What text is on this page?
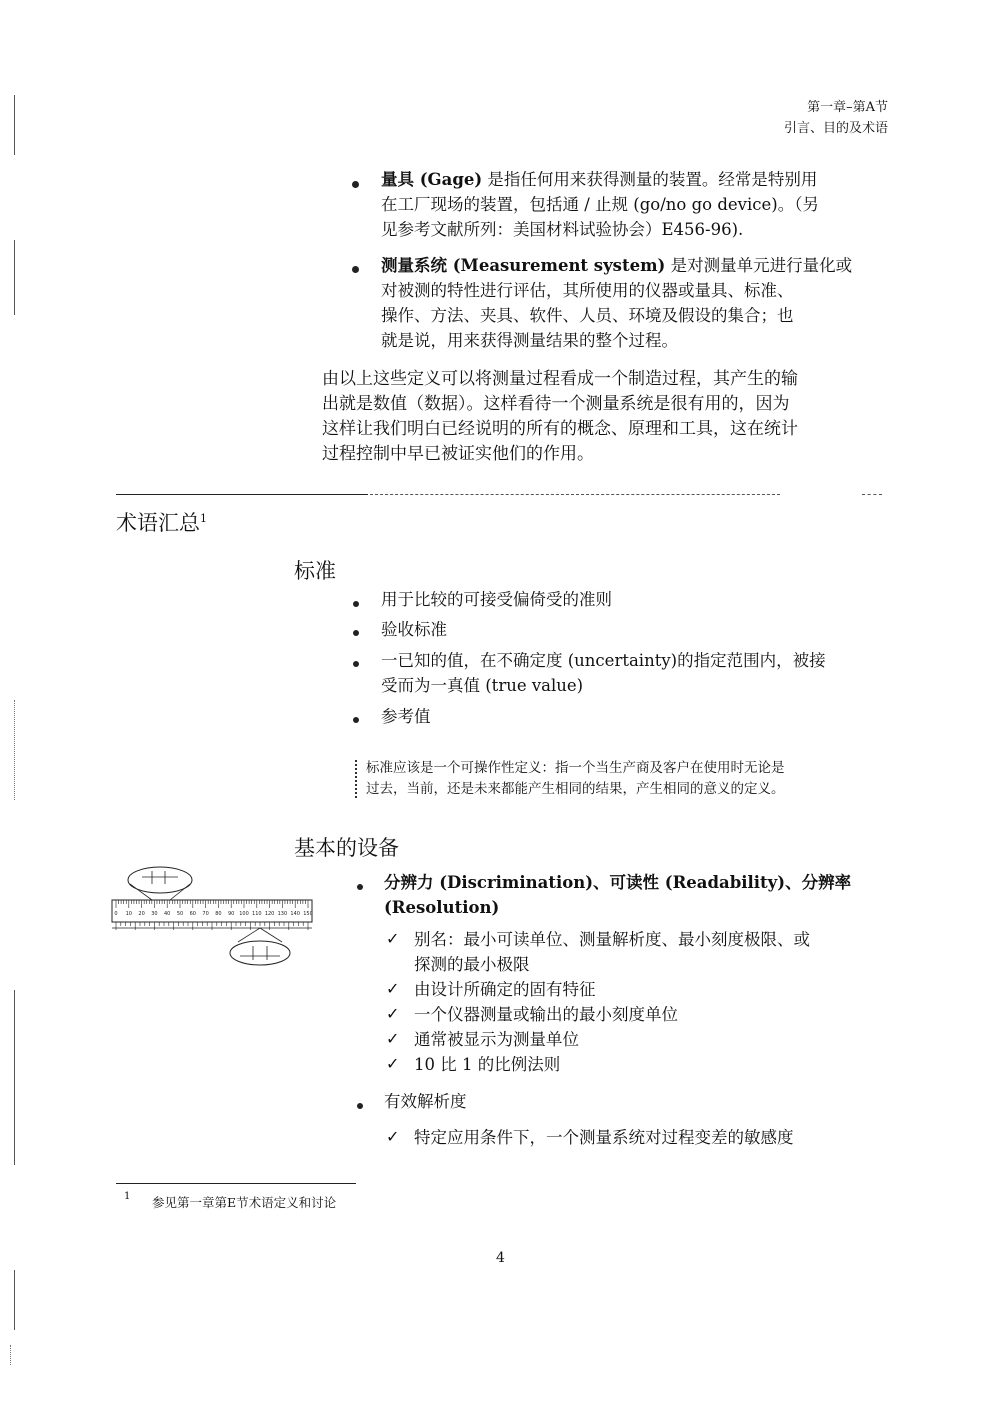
第一章–第A节
引言、目的及术语
量具 (Gage) 是指任何用来获得测量的装置。经常是特别用
在工厂现场的装置，包括通 / 止规 (go/no go device)。（另
见参考文献所列：美国材料试验协会）E456-96).
测量系统 (Measurement system) 是对测量单元进行量化或
对被测的特性进行评估，其所使用的仪器或量具、标准、
操作、方法、夹具、软件、人员、环境及假设的集合；也
就是说，用来获得测量结果的整个过程。
由以上这些定义可以将测量过程看成一个制造过程，其产生的输
出就是数值（数据）。这样看待一个测量系统是很有用的，因为
这样让我们明白已经说明的所有的概念、原理和工具，这在统计
过程控制中早已被证实他们的作用。
术语汇总$^1$
标准
用于比较的可接受偏倚受的准则
验收标准
一已知的值，在不确定度 (uncertainty)的指定范围内，被接
受而为一真值 (true value)
参考值
标准应该是一个可操作性定义：指一个当生产商及客户在使用时无论是
过去，当前，还是未来都能产生相同的结果，产生相同的意义的定义。
基本的设备
0 10 20 30 40 50 60 70 80 90 100 110 120 130 140 150
分辨力 (Discrimination)、可读性 (Readability)、分辨率
(Resolution)
✓ 别名：最小可读单位、测量解析度、最小刻度极限、或
探测的最小极限
✓ 由设计所确定的固有特征
✓ 一个仪器测量或输出的最小刻度单位
✓ 通常被显示为测量单位
✓ 10 比 1 的比例法则
有效解析度
✓ 特定应用条件下，一个测量系统对过程变差的敏感度
1 参见第一章第E节术语定义和讨论
4
